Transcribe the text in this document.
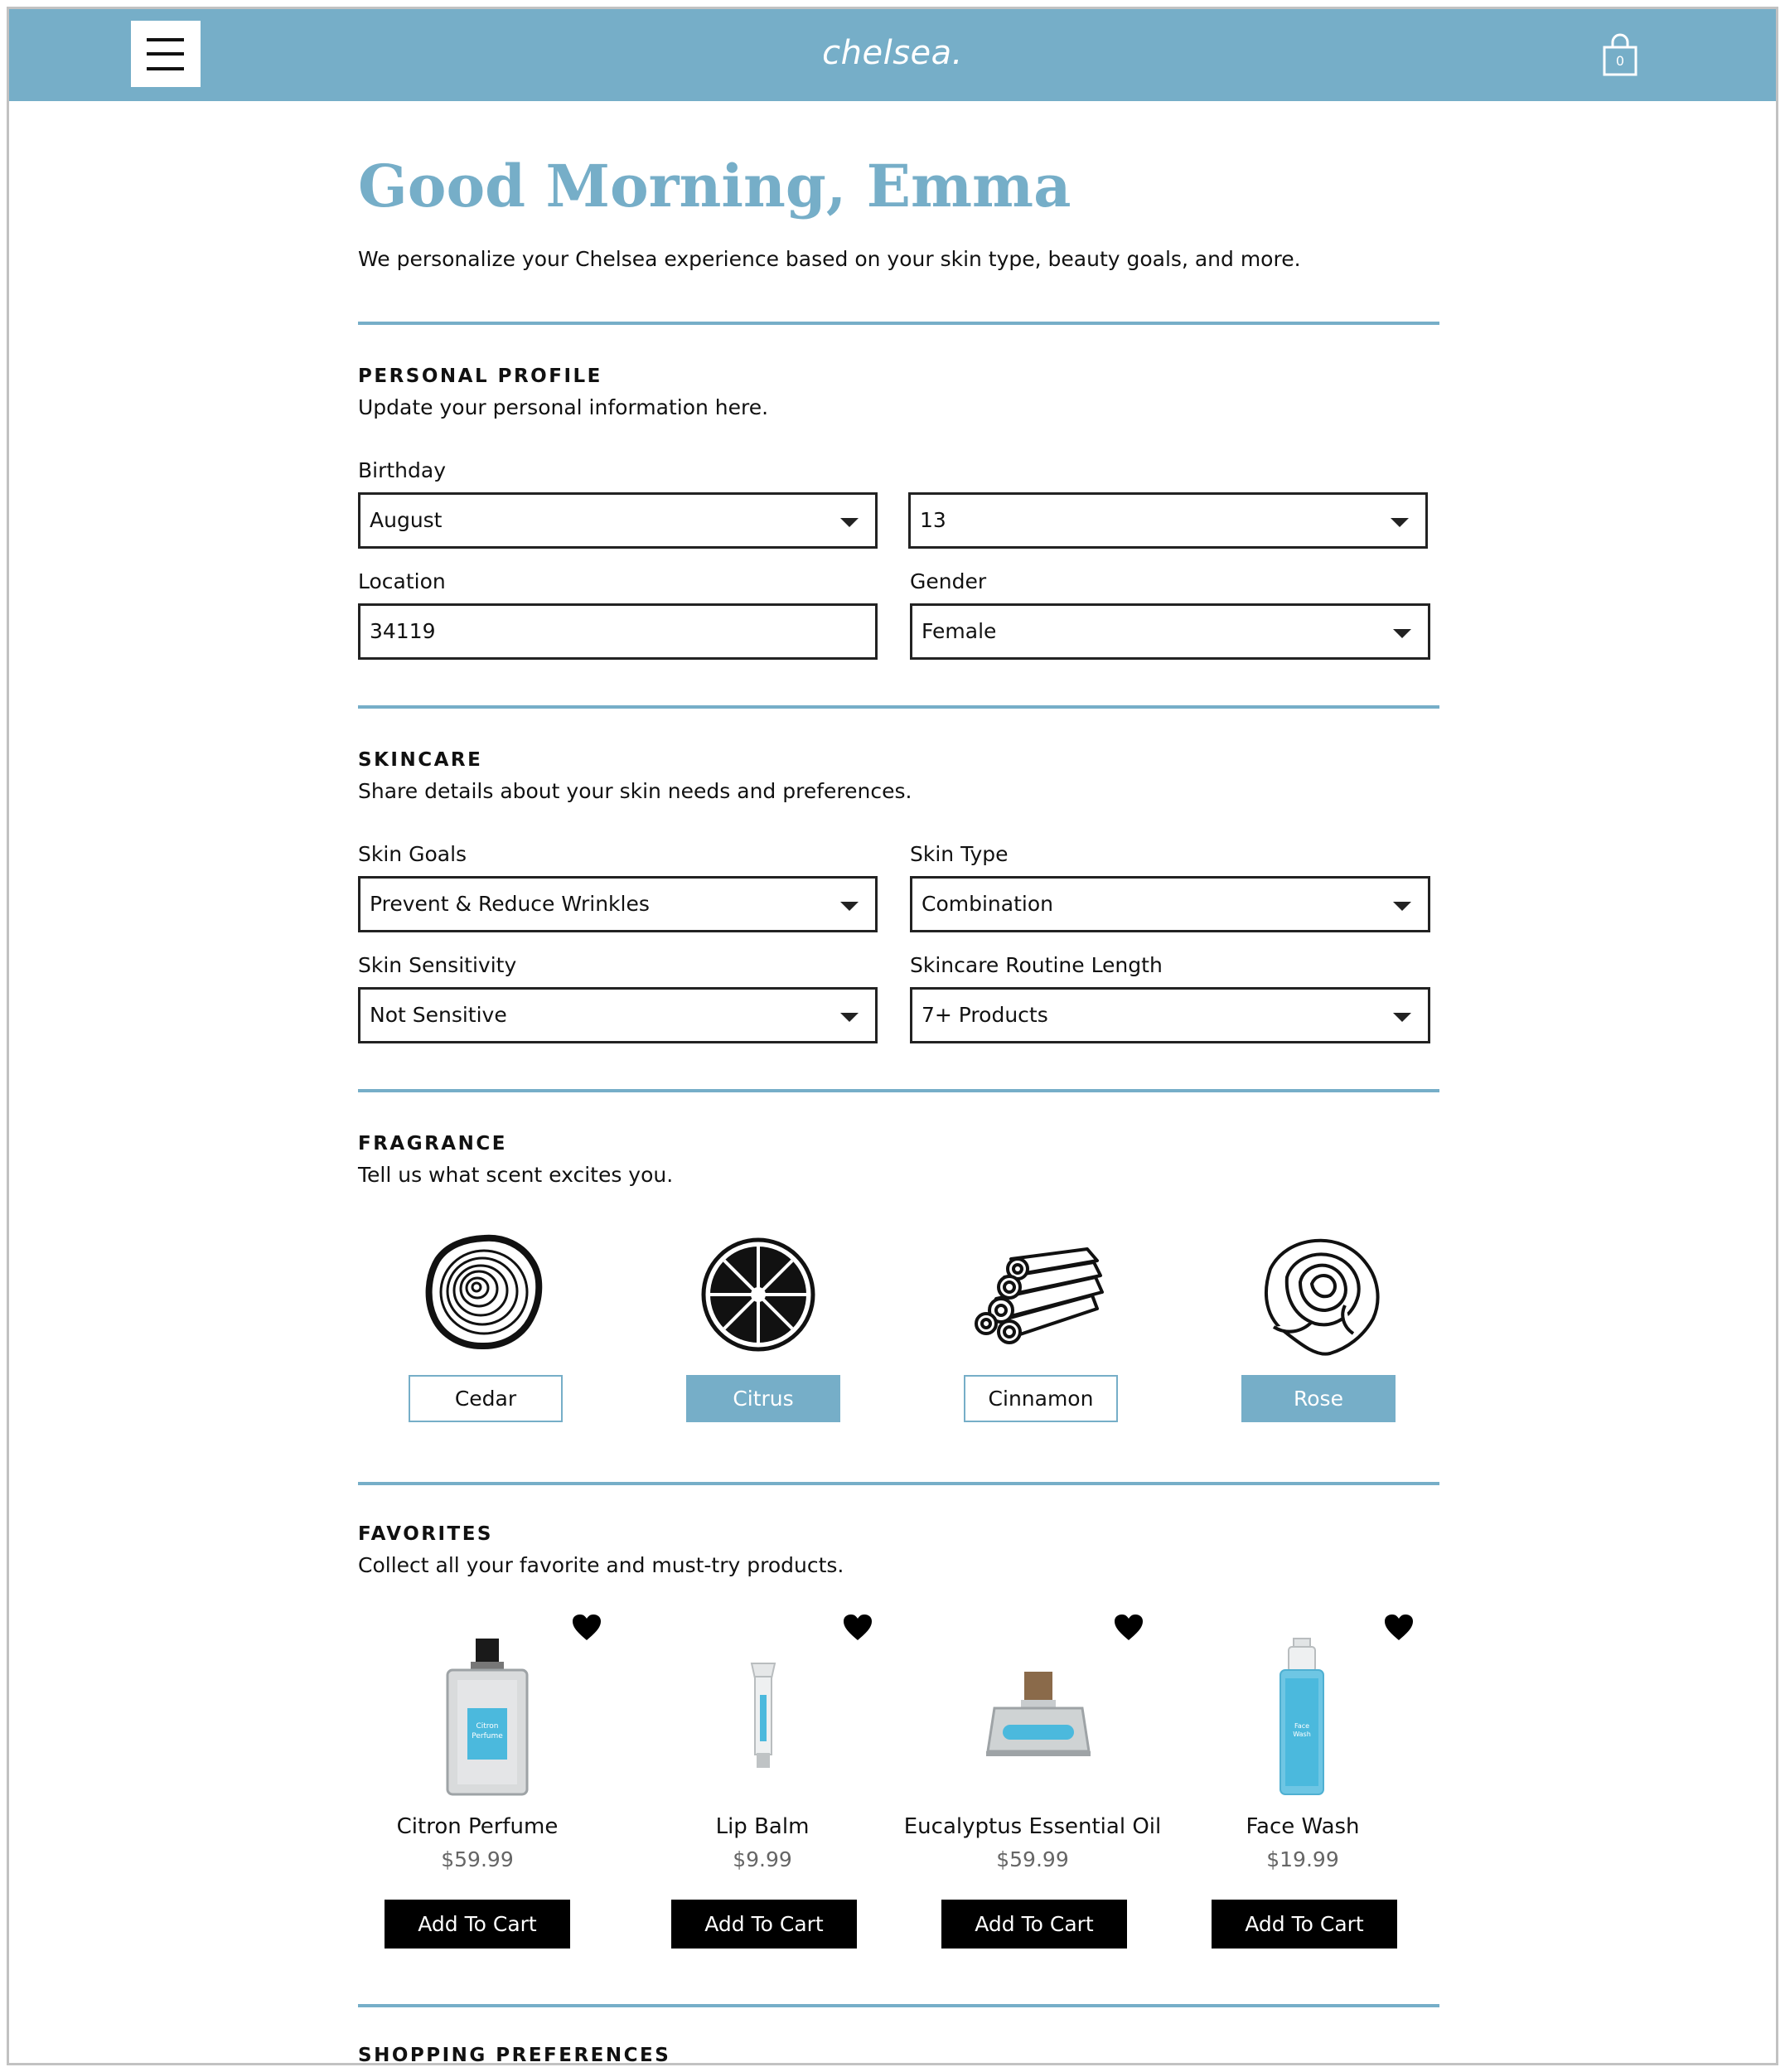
chelsea.	0
Good Morning, Emma
We personalize your Chelsea experience based on your skin type, beauty goals, and more.
PERSONAL PROFILE
Update your personal information here.
Birthday
August	13
Location	Gender
34119	Female
SKINCARE
Share details about your skin needs and preferences.
Skin Goals	Skin Type
Prevent & Reduce Wrinkles	Combination
Skin Sensitivity	Skincare Routine Length
Not Sensitive	7+ Products
FRAGRANCE
Tell us what scent excites you.
Cedar	Citrus	Cinnamon	Rose
FAVORITES
Collect all your favorite and must-try products.
Citron
Perfume
Citron Perfume
$59.99
Add To Cart
Lip Balm
$9.99
Add To Cart
Eucalyptus Essential Oil
$59.99
Add To Cart
Face
Wash
Face Wash
$19.99
Add To Cart
SHOPPING PREFERENCES
